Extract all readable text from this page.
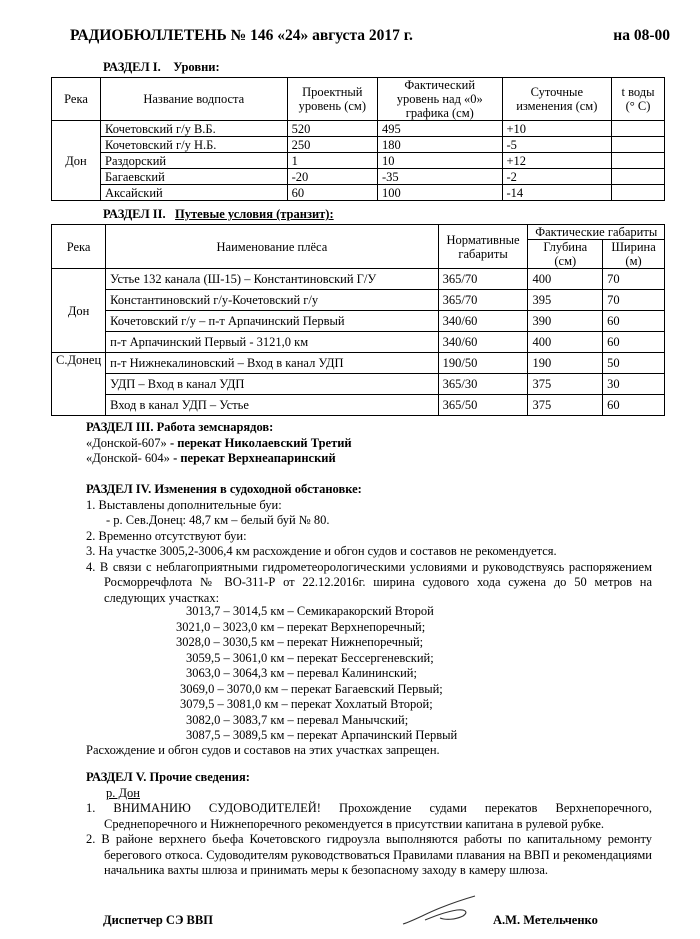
РАДИОБЮЛЛЕТЕНЬ № 146 «24» августа 2017 г.	на 08-00
РАЗДЕЛ I. Уровни:
Река	Название водпоста	Проектный уровень (см)	Фактический уровень над «0» графика (см)	Суточные изменения (см)	t воды (° С)
Дон	Кочетовский г/у В.Б.	520	495	+10	
	Кочетовский г/у Н.Б.	250	180	-5	
	Раздорский	1	10	+12	
	Багаевский	-20	-35	-2	
	Аксайский	60	100	-14	
РАЗДЕЛ II. Путевые условия (транзит):
Река	Наименование плёса	Нормативные габариты	Фактические габариты	
			Глубина (см)	Ширина (м)
Дон	Устье 132 канала (Ш-15) – Константиновский Г/У	365/70	400	70
	Константиновский г/у-Кочетовский г/у	365/70	395	70
	Кочетовский г/у – п-т Арпачинский Первый	340/60	390	60
	п-т Арпачинский Первый - 3121,0 км	340/60	400	60
С.Донец	п-т Нижнекалиновский – Вход в канал УДП	190/50	190	50
	УДП – Вход в канал УДП	365/30	375	30
	Вход в канал УДП – Устье	365/50	375	60
РАЗДЕЛ III. Работа земснарядов:
«Донской-607» - перекат Николаевский Третий
«Донской- 604» - перекат Верхнеапаринский
РАЗДЕЛ IV. Изменения в судоходной обстановке:
1. Выставлены дополнительные буи:
- р. Сев.Донец: 48,7 км – белый буй № 80.
2. Временно отсутствуют буи:
3. На участке 3005,2-3006,4 км расхождение и обгон судов и составов не рекомендуется.
4. В связи с неблагоприятными гидрометеорологическими условиями и руководствуясь распоряжением Росморречфлота № ВО-311-Р от 22.12.2016г. ширина судового хода сужена до 50 метров на следующих участках:
3013,7 – 3014,5 км – Семикаракорский Второй
3021,0 – 3023,0 км – перекат Верхнепоречный;
3028,0 – 3030,5 км – перекат Нижнепоречный;
3059,5 – 3061,0 км – перекат Бессергеневский;
3063,0 – 3064,3 км – перевал Калининский;
3069,0 – 3070,0 км – перекат Багаевский Первый;
3079,5 – 3081,0 км – перекат Хохлатый Второй;
3082,0 – 3083,7 км – перевал Манычский;
3087,5 – 3089,5 км – перекат Арпачинский Первый
Расхождение и обгон судов и составов на этих участках запрещен.
РАЗДЕЛ V. Прочие сведения:
р. Дон
1. ВНИМАНИЮ СУДОВОДИТЕЛЕЙ! Прохождение судами перекатов Верхнепоречного, Среднепоречного и Нижнепоречного рекомендуется в присутствии капитана в рулевой рубке.
2. В районе верхнего бьефа Кочетовского гидроузла выполняются работы по капитальному ремонту берегового откоса. Судоводителям руководствоваться Правилами плавания на ВВП и рекомендациями начальника вахты шлюза и принимать меры к безопасному заходу в камеру шлюза.
Диспетчер СЭ ВВП	А.М. Метельченко
